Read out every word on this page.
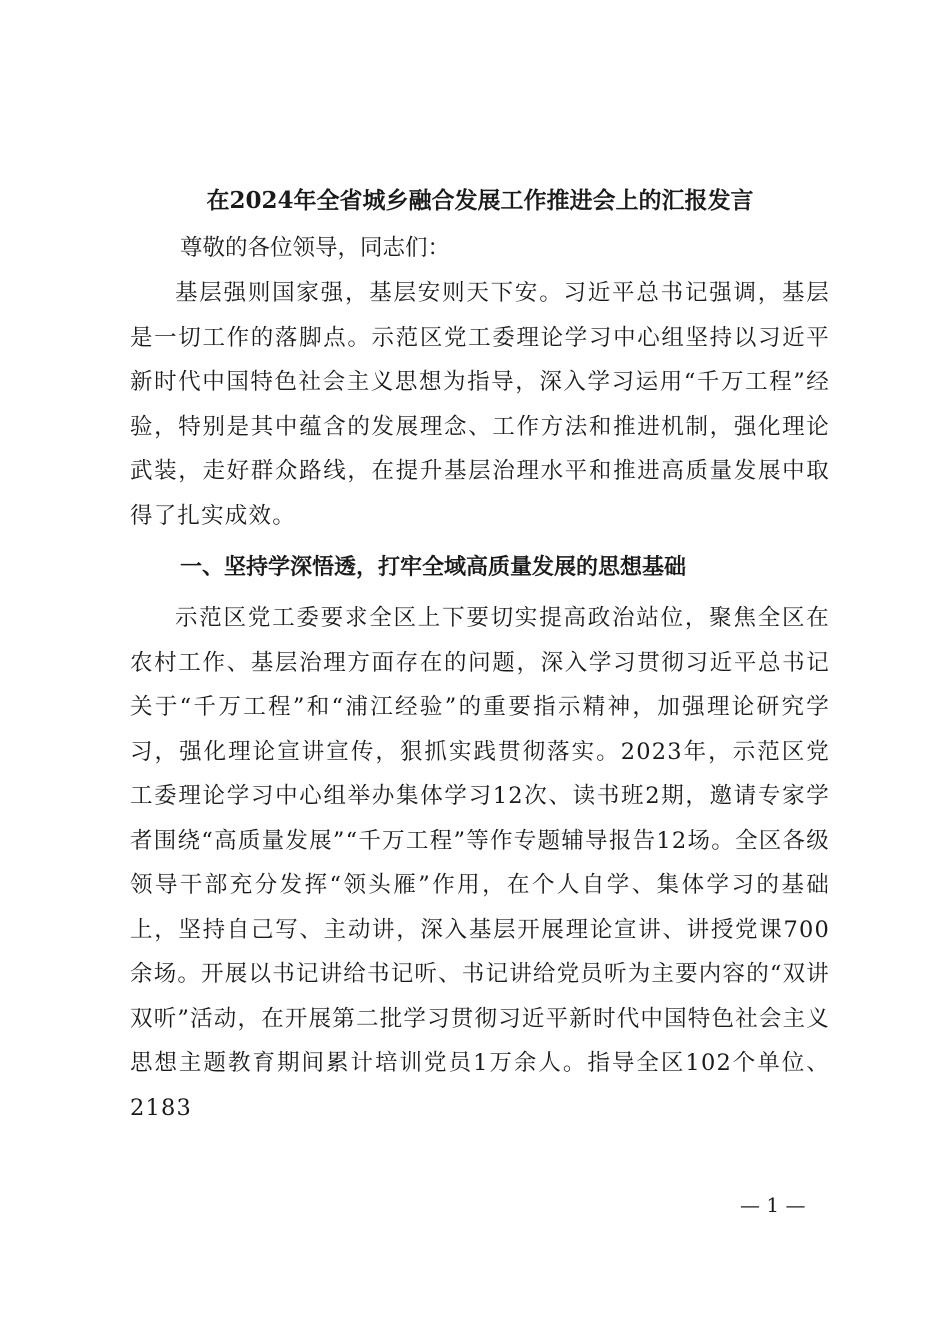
在2024年全省城乡融合发展工作推进会上的汇报发言
尊敬的各位领导，同志们：

基层强则国家强，基层安则天下安。习近平总书记强调，基层是一切工作的落脚点。示范区党工委理论学习中心组坚持以习近平新时代中国特色社会主义思想为指导，深入学习运用“千万工程”经验，特别是其中蕴含的发展理念、工作方法和推进机制，强化理论武装，走好群众路线，在提升基层治理水平和推进高质量发展中取得了扎实成效。

一、坚持学深悟透，打牢全域高质量发展的思想基础

示范区党工委要求全区上下要切实提高政治站位，聚焦全区在农村工作、基层治理方面存在的问题，深入学习贯彻习近平总书记关于“千万工程”和“浦江经验”的重要指示精神，加强理论研究学习，强化理论宣讲宣传，狠抓实践贯彻落实。2023年，示范区党工委理论学习中心组举办集体学习12次、读书班2期，邀请专家学者围绕“高质量发展”“千万工程”等作专题辅导报告12场。全区各级领导干部充分发挥“领头雁”作用，在个人自学、集体学习的基础上，坚持自己写、主动讲，深入基层开展理论宣讲、讲授党课700余场。开展以书记讲给书记听、书记讲给党员听为主要内容的“双讲双听”活动，在开展第二批学习贯彻习近平新时代中国特色社会主义思想主题教育期间累计培训党员1万余人。指导全区102个单位、2183

— 1 —
